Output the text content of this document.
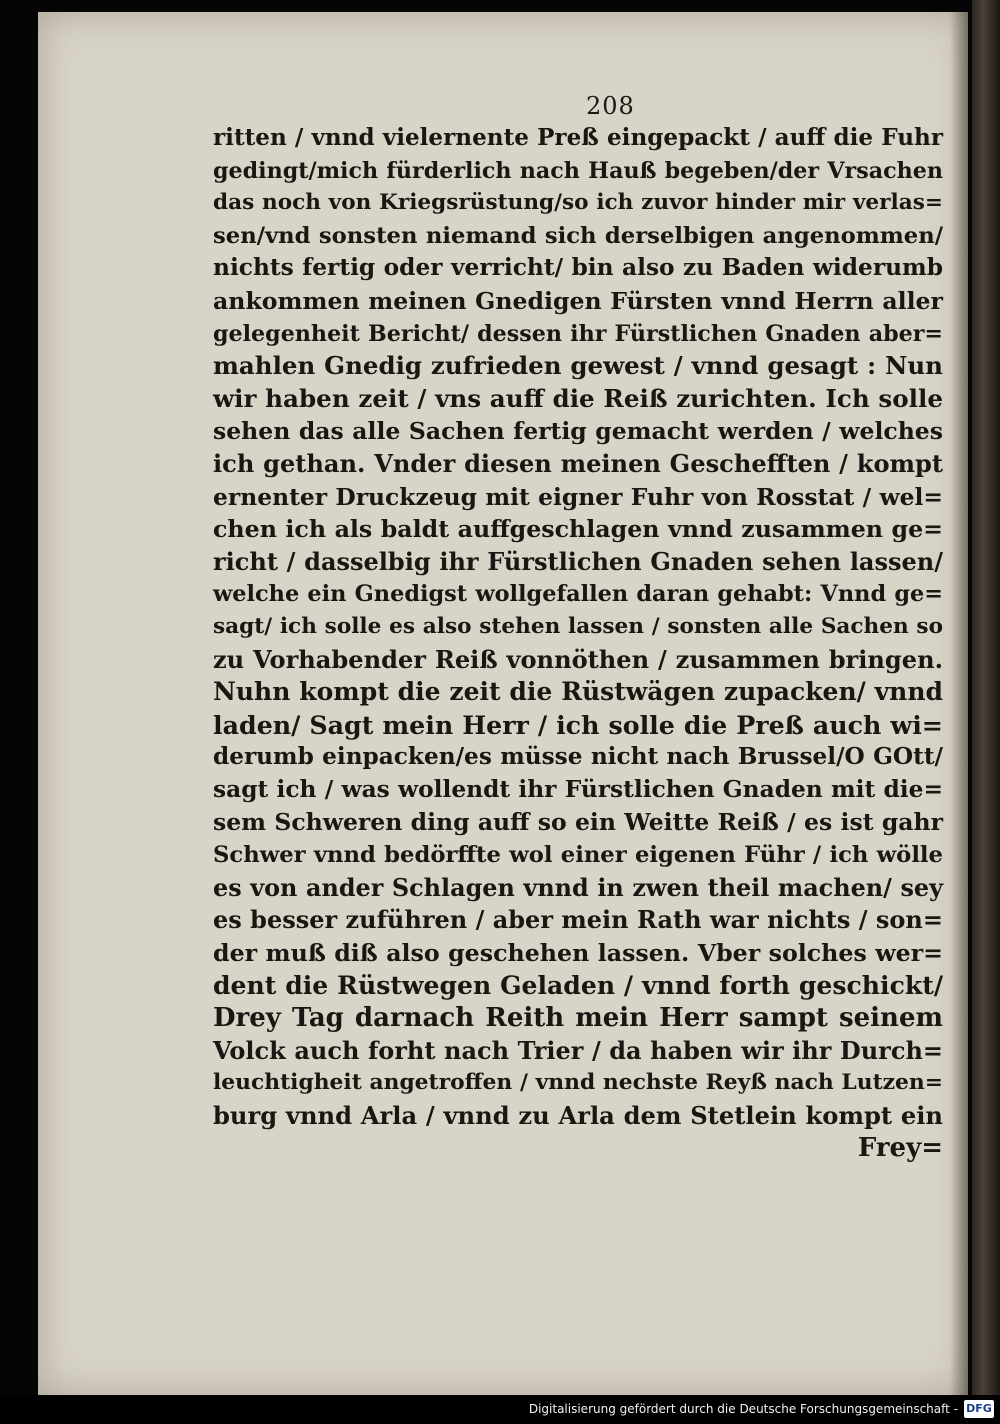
208
ritten / vnnd vielernente Preß eingepackt / auff die Fuhr
gedingt/mich fürderlich nach Hauß begeben/der Vrsachen
das noch von Kriegsrüstung/so ich zuvor hinder mir verlas=
sen/vnd sonsten niemand sich derselbigen angenommen/
nichts fertig oder verricht/ bin also zu Baden widerumb
ankommen meinen Gnedigen Fürsten vnnd Herrn aller
gelegenheit Bericht/ dessen ihr Fürstlichen Gnaden aber=
mahlen Gnedig zufrieden gewest / vnnd gesagt : Nun
wir haben zeit / vns auff die Reiß zurichten. Ich solle
sehen das alle Sachen fertig gemacht werden / welches
ich gethan. Vnder diesen meinen Geschefften / kompt
ernenter Druckzeug mit eigner Fuhr von Rosstat / wel=
chen ich als baldt auffgeschlagen vnnd zusammen ge=
richt / dasselbig ihr Fürstlichen Gnaden sehen lassen/
welche ein Gnedigst wollgefallen daran gehabt: Vnnd ge=
sagt/ ich solle es also stehen lassen / sonsten alle Sachen so
zu Vorhabender Reiß vonnöthen / zusammen bringen.
Nuhn kompt die zeit die Rüstwägen zupacken/ vnnd
laden/ Sagt mein Herr / ich solle die Preß auch wi=
derumb einpacken/es müsse nicht nach Brussel/O GOtt/
sagt ich / was wollendt ihr Fürstlichen Gnaden mit die=
sem Schweren ding auff so ein Weitte Reiß / es ist gahr
Schwer vnnd bedörffte wol einer eigenen Führ / ich wölle
es von ander Schlagen vnnd in zwen theil machen/ sey
es besser zuführen / aber mein Rath war nichts / son=
der muß diß also geschehen lassen. Vber solches wer=
dent die Rüstwegen Geladen / vnnd forth geschickt/
Drey Tag darnach Reith mein Herr sampt seinem
Volck auch forht nach Trier / da haben wir ihr Durch=
leuchtigheit angetroffen / vnnd nechste Reyß nach Lutzen=
burg vnnd Arla / vnnd zu Arla dem Stetlein kompt ein
Frey=
Digitalisierung gefördert durch die Deutsche Forschungsgemeinschaft - DFG
